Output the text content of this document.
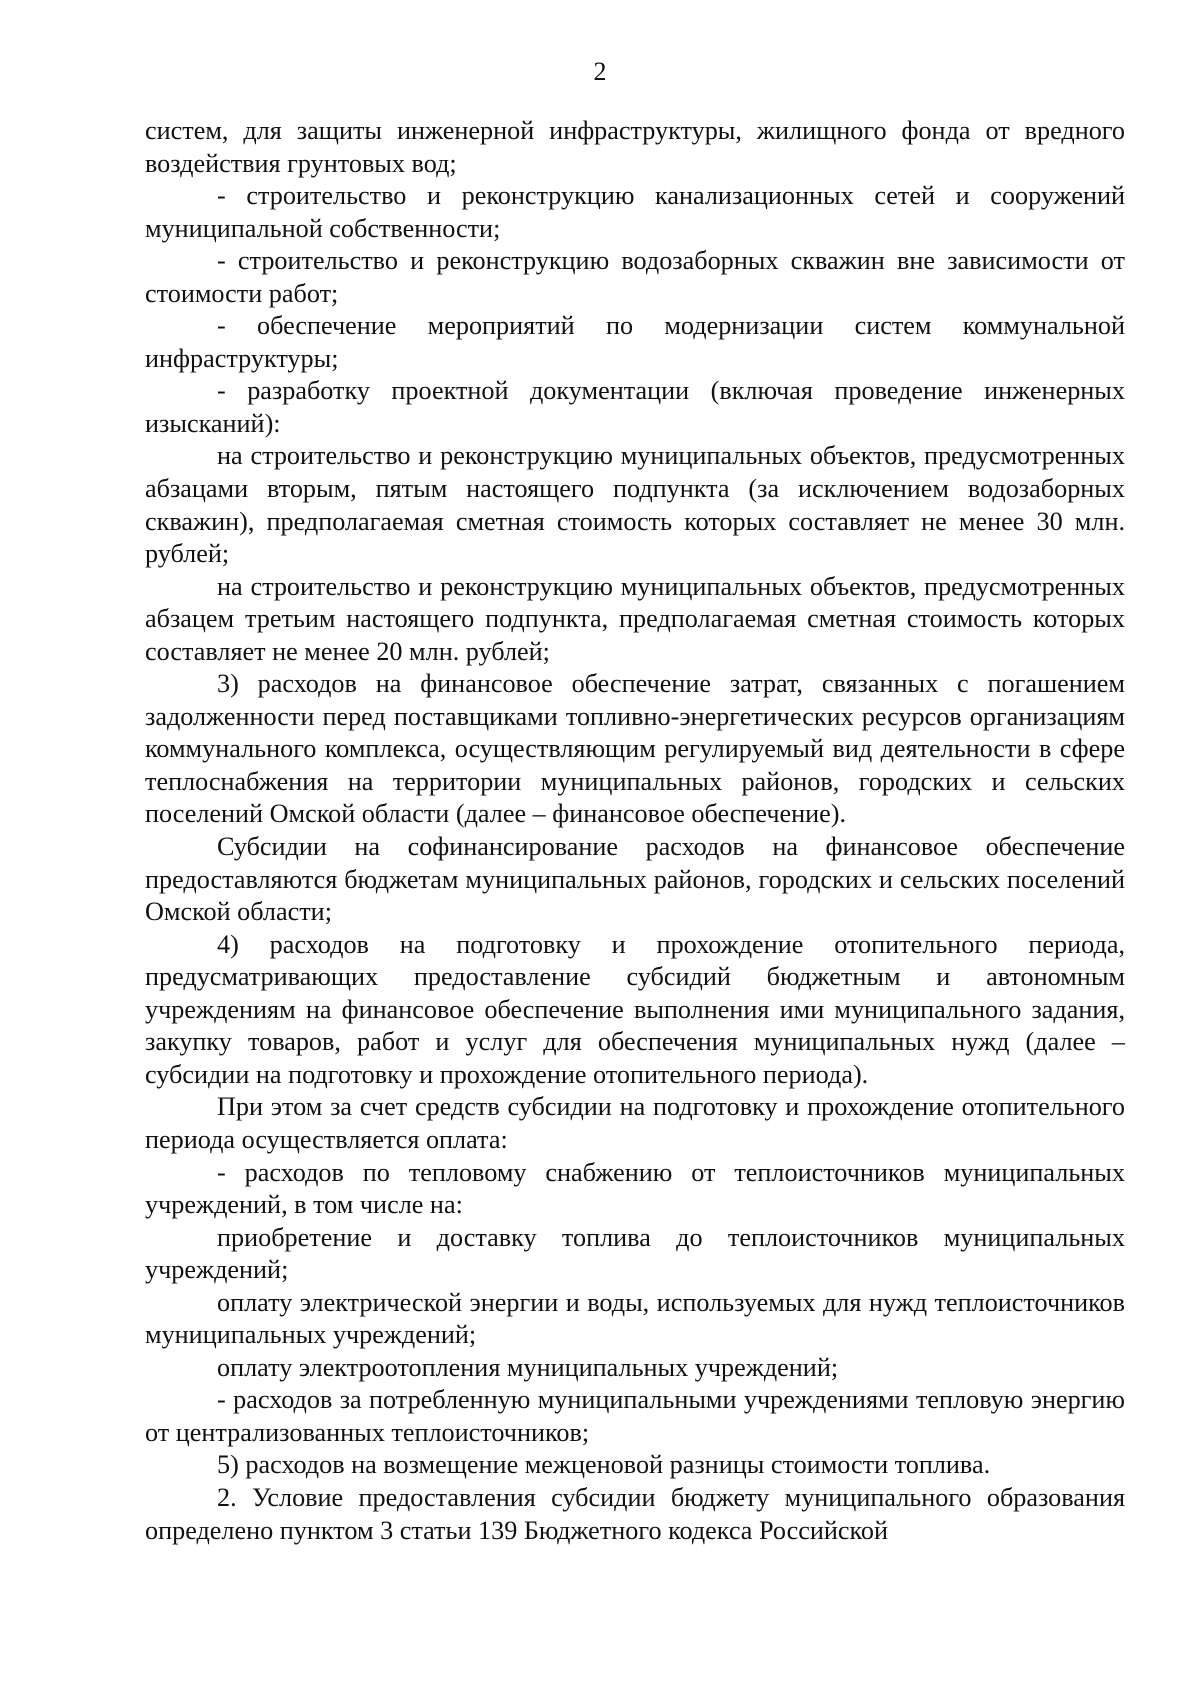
2

систем, для защиты инженерной инфраструктуры, жилищного фонда от вредного воздействия грунтовых вод;

- строительство и реконструкцию канализационных сетей и сооружений муниципальной собственности;

- строительство и реконструкцию водозаборных скважин вне зависимости от стоимости работ;

- обеспечение мероприятий по модернизации систем коммунальной инфраструктуры;

- разработку проектной документации (включая проведение инженерных изысканий):

на строительство и реконструкцию муниципальных объектов, предусмотренных абзацами вторым, пятым настоящего подпункта (за исключением водозаборных скважин), предполагаемая сметная стоимость которых составляет не менее 30 млн. рублей;

на строительство и реконструкцию муниципальных объектов, предусмотренных абзацем третьим настоящего подпункта, предполагаемая сметная стоимость которых составляет не менее 20 млн. рублей;

3) расходов на финансовое обеспечение затрат, связанных с погашением задолженности перед поставщиками топливно-энергетических ресурсов организациям коммунального комплекса, осуществляющим регулируемый вид деятельности в сфере теплоснабжения на территории муниципальных районов, городских и сельских поселений Омской области (далее – финансовое обеспечение).

Субсидии на софинансирование расходов на финансовое обеспечение предоставляются бюджетам муниципальных районов, городских и сельских поселений Омской области;

4) расходов на подготовку и прохождение отопительного периода, предусматривающих предоставление субсидий бюджетным и автономным учреждениям на финансовое обеспечение выполнения ими муниципального задания, закупку товаров, работ и услуг для обеспечения муниципальных нужд (далее – субсидии на подготовку и прохождение отопительного периода).

При этом за счет средств субсидии на подготовку и прохождение отопительного периода осуществляется оплата:

- расходов по тепловому снабжению от теплоисточников муниципальных учреждений, в том числе на:

приобретение и доставку топлива до теплоисточников муниципальных учреждений;

оплату электрической энергии и воды, используемых для нужд теплоисточников муниципальных учреждений;

оплату электроотопления муниципальных учреждений;

- расходов за потребленную муниципальными учреждениями тепловую энергию от централизованных теплоисточников;

5) расходов на возмещение межценовой разницы стоимости топлива.

2. Условие предоставления субсидии бюджету муниципального образования определено пунктом 3 статьи 139 Бюджетного кодекса Российской
